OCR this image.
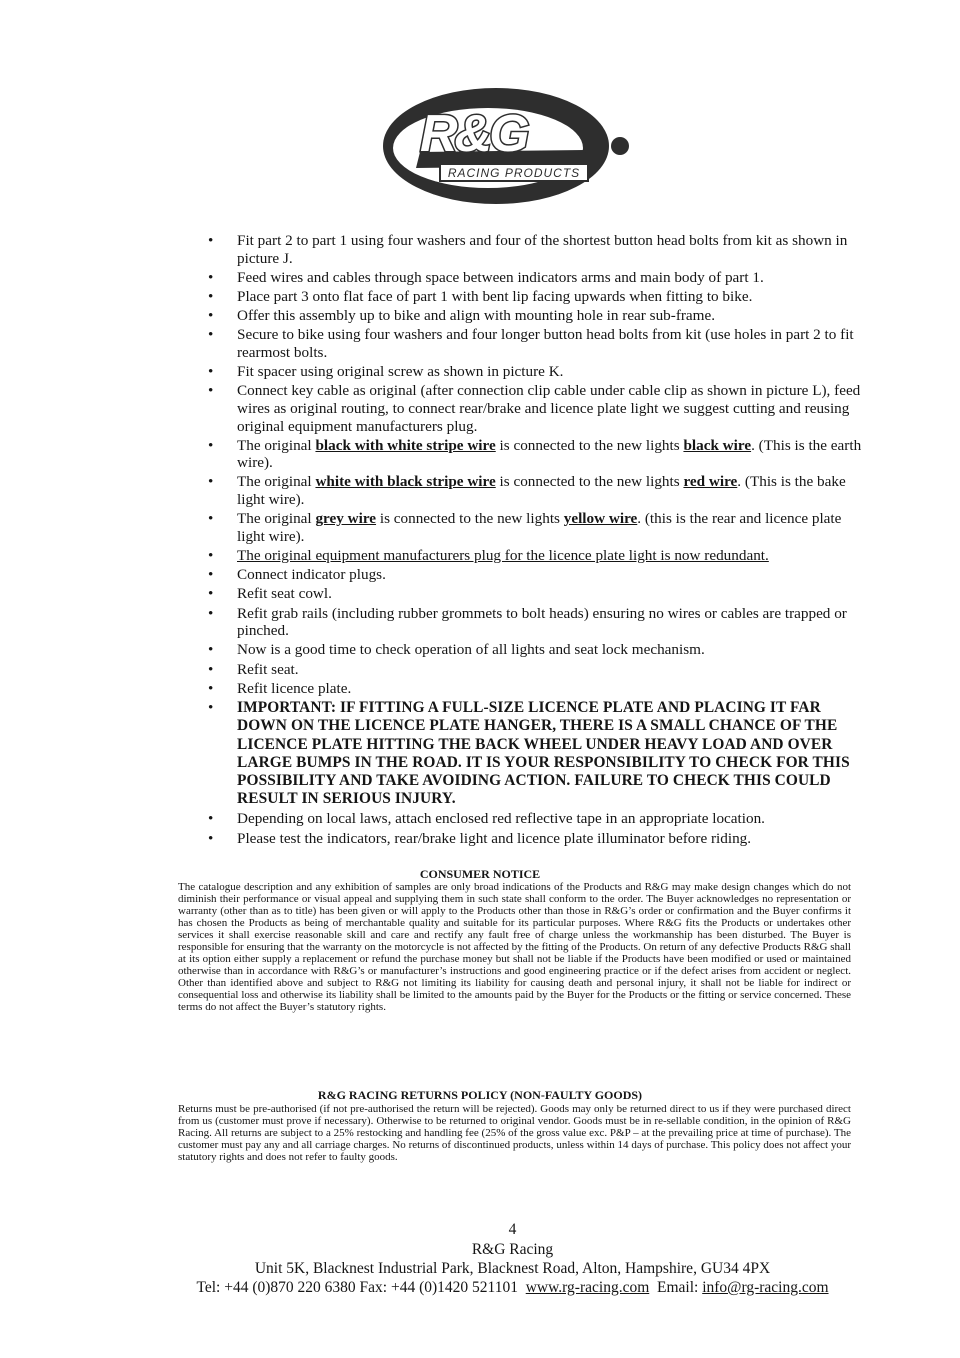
R&G
RACING PRODUCTS
• Fit part 2 to part 1 using four washers and four of the shortest button head bolts from kit as shown in picture J.
• Feed wires and cables through space between indicators arms and main body of part 1.
• Place part 3 onto flat face of part 1 with bent lip facing upwards when fitting to bike.
• Offer this assembly up to bike and align with mounting hole in rear sub-frame.
• Secure to bike using four washers and four longer button head bolts from kit (use holes in part 2 to fit rearmost bolts.
• Fit spacer using original screw as shown in picture K.
• Connect key cable as original (after connection clip cable under cable clip as shown in picture L), feed wires as original routing, to connect rear/brake and licence plate light we suggest cutting and reusing original equipment manufacturers plug.
• The original black with white stripe wire is connected to the new lights black wire. (This is the earth wire).
• The original white with black stripe wire is connected to the new lights red wire. (This is the bake light wire).
• The original grey wire is connected to the new lights yellow wire. (this is the rear and licence plate light wire).
• The original equipment manufacturers plug for the licence plate light is now redundant.
• Connect indicator plugs.
• Refit seat cowl.
• Refit grab rails (including rubber grommets to bolt heads) ensuring no wires or cables are trapped or pinched.
• Now is a good time to check operation of all lights and seat lock mechanism.
• Refit seat.
• Refit licence plate.
• IMPORTANT: IF FITTING A FULL-SIZE LICENCE PLATE AND PLACING IT FAR DOWN ON THE LICENCE PLATE HANGER, THERE IS A SMALL CHANCE OF THE LICENCE PLATE HITTING THE BACK WHEEL UNDER HEAVY LOAD AND OVER LARGE BUMPS IN THE ROAD. IT IS YOUR RESPONSIBILITY TO CHECK FOR THIS POSSIBILITY AND TAKE AVOIDING ACTION. FAILURE TO CHECK THIS COULD RESULT IN SERIOUS INJURY.
• Depending on local laws, attach enclosed red reflective tape in an appropriate location.
• Please test the indicators, rear/brake light and licence plate illuminator before riding.
CONSUMER NOTICE

The catalogue description and any exhibition of samples are only broad indications of the Products and R&G may make design changes which do not diminish their performance or visual appeal and supplying them in such state shall conform to the order. The Buyer acknowledges no representation or warranty (other than as to title) has been given or will apply to the Products other than those in R&G’s order or confirmation and the Buyer confirms it has chosen the Products as being of merchantable quality and suitable for its particular purposes. Where R&G fits the Products or undertakes other services it shall exercise reasonable skill and care and rectify any fault free of charge unless the workmanship has been disturbed. The Buyer is responsible for ensuring that the warranty on the motorcycle is not affected by the fitting of the Products. On return of any defective Products R&G shall at its option either supply a replacement or refund the purchase money but shall not be liable if the Products have been modified or used or maintained otherwise than in accordance with R&G’s or manufacturer’s instructions and good engineering practice or if the defect arises from accident or neglect. Other than identified above and subject to R&G not limiting its liability for causing death and personal injury, it shall not be liable for indirect or consequential loss and otherwise its liability shall be limited to the amounts paid by the Buyer for the Products or the fitting or service concerned. These terms do not affect the Buyer’s statutory rights.

R&G RACING RETURNS POLICY (NON-FAULTY GOODS)

Returns must be pre-authorised (if not pre-authorised the return will be rejected). Goods may only be returned direct to us if they were purchased direct from us (customer must prove if necessary). Otherwise to be returned to original vendor. Goods must be in re-sellable condition, in the opinion of R&G Racing. All returns are subject to a 25% restocking and handling fee (25% of the gross value exc. P&P – at the prevailing price at time of purchase). The customer must pay any and all carriage charges. No returns of discontinued products, unless within 14 days of purchase. This policy does not affect your statutory rights and does not refer to faulty goods.

4
R&G Racing
Unit 5K, Blacknest Industrial Park, Blacknest Road, Alton, Hampshire, GU34 4PX
Tel: +44 (0)870 220 6380 Fax: +44 (0)1420 521101 www.rg-racing.com Email: info@rg-racing.com
